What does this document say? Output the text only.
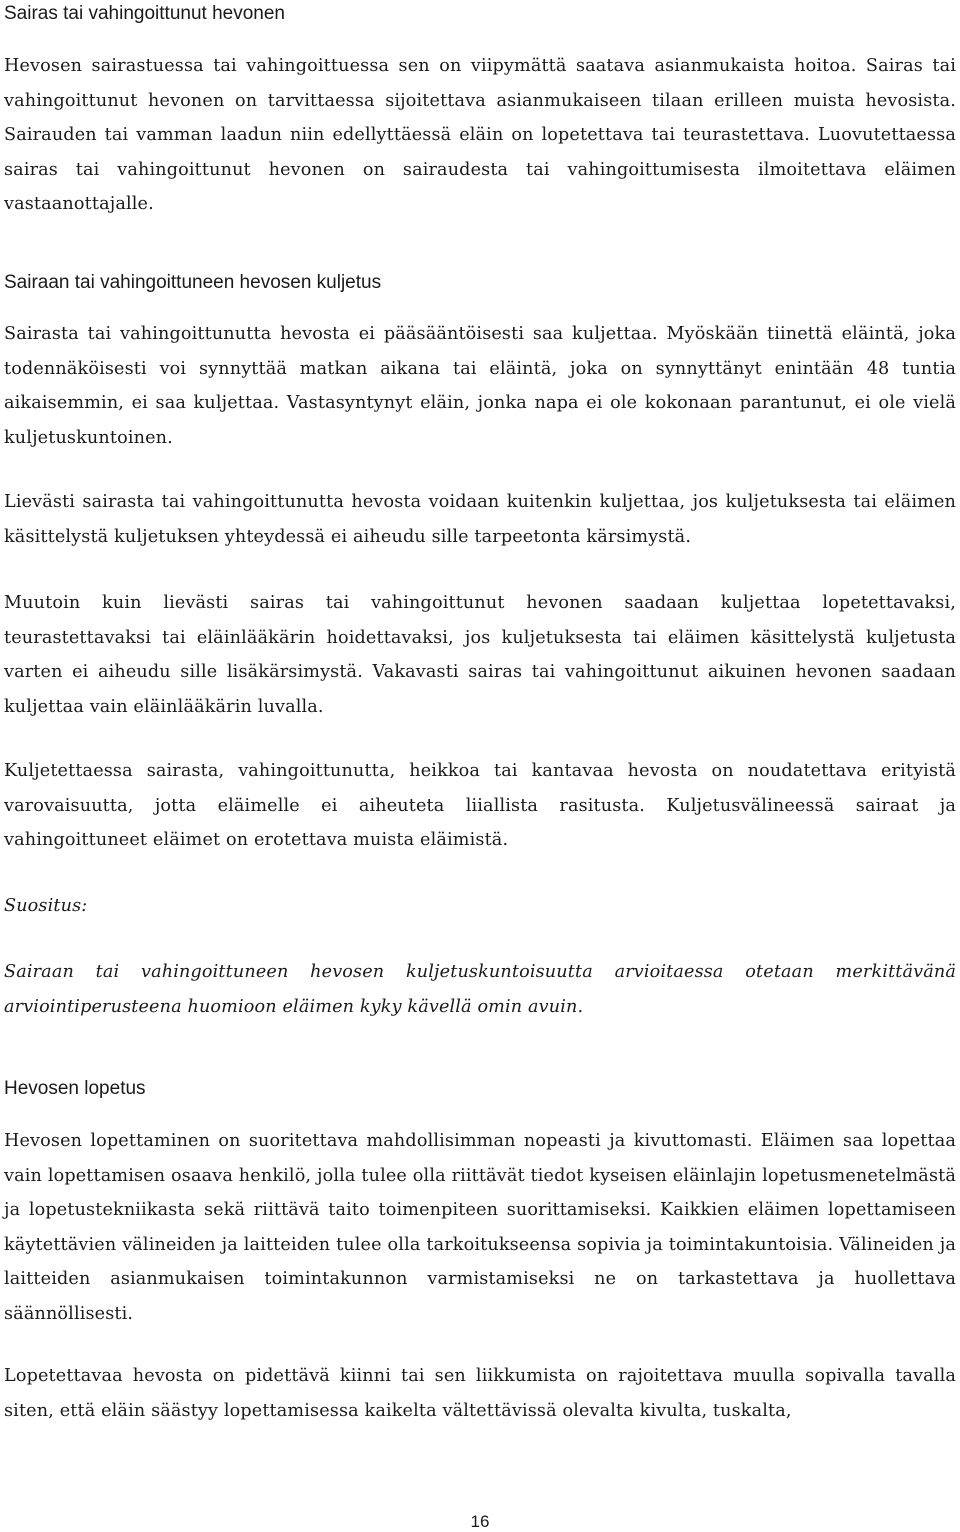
Sairas tai vahingoittunut hevonen

Hevosen sairastuessa tai vahingoittuessa sen on viipymättä saatava asianmukaista hoitoa. Sairas tai vahingoittunut hevonen on tarvittaessa sijoitettava asianmukaiseen tilaan erilleen muista hevosista. Sairauden tai vamman laadun niin edellyttäessä eläin on lopetettava tai teurastettava. Luovutettaessa sairas tai vahingoittunut hevonen on sairaudesta tai vahingoittumisesta ilmoitettava eläimen vastaanottajalle.

Sairaan tai vahingoittuneen hevosen kuljetus

Sairasta tai vahingoittunutta hevosta ei pääsääntöisesti saa kuljettaa. Myöskään tiinettä eläintä, joka todennäköisesti voi synnyttää matkan aikana tai eläintä, joka on synnyttänyt enintään 48 tuntia aikaisemmin, ei saa kuljettaa. Vastasyntynyt eläin, jonka napa ei ole kokonaan parantunut, ei ole vielä kuljetuskuntoinen.

Lievästi sairasta tai vahingoittunutta hevosta voidaan kuitenkin kuljettaa, jos kuljetuksesta tai eläimen käsittelystä kuljetuksen yhteydessä ei aiheudu sille tarpeetonta kärsimystä.

Muutoin kuin lievästi sairas tai vahingoittunut hevonen saadaan kuljettaa lopetettavaksi, teurastettavaksi tai eläinlääkärin hoidettavaksi, jos kuljetuksesta tai eläimen käsittelystä kuljetusta varten ei aiheudu sille lisäkärsimystä. Vakavasti sairas tai vahingoittunut aikuinen hevonen saadaan kuljettaa vain eläinlääkärin luvalla.

Kuljetettaessa sairasta, vahingoittunutta, heikkoa tai kantavaa hevosta on noudatettava erityistä varovaisuutta, jotta eläimelle ei aiheuteta liiallista rasitusta. Kuljetusvälineessä sairaat ja vahingoittuneet eläimet on erotettava muista eläimistä.

Suositus:

Sairaan tai vahingoittuneen hevosen kuljetuskuntoisuutta arvioitaessa otetaan merkittävänä arviointiperusteena huomioon eläimen kyky kävellä omin avuin.

Hevosen lopetus

Hevosen lopettaminen on suoritettava mahdollisimman nopeasti ja kivuttomasti. Eläimen saa lopettaa vain lopettamisen osaava henkilö, jolla tulee olla riittävät tiedot kyseisen eläinlajin lopetusmenetelmästä ja lopetustekniikasta sekä riittävä taito toimenpiteen suorittamiseksi. Kaikkien eläimen lopettamiseen käytettävien välineiden ja laitteiden tulee olla tarkoitukseensa sopivia ja toimintakuntoisia. Välineiden ja laitteiden asianmukaisen toimintakunnon varmistamiseksi ne on tarkastettava ja huollettava säännöllisesti.

Lopetettavaa hevosta on pidettävä kiinni tai sen liikkumista on rajoitettava muulla sopivalla tavalla siten, että eläin säästyy lopettamisessa kaikelta vältettävissä olevalta kivulta, tuskalta,

16
